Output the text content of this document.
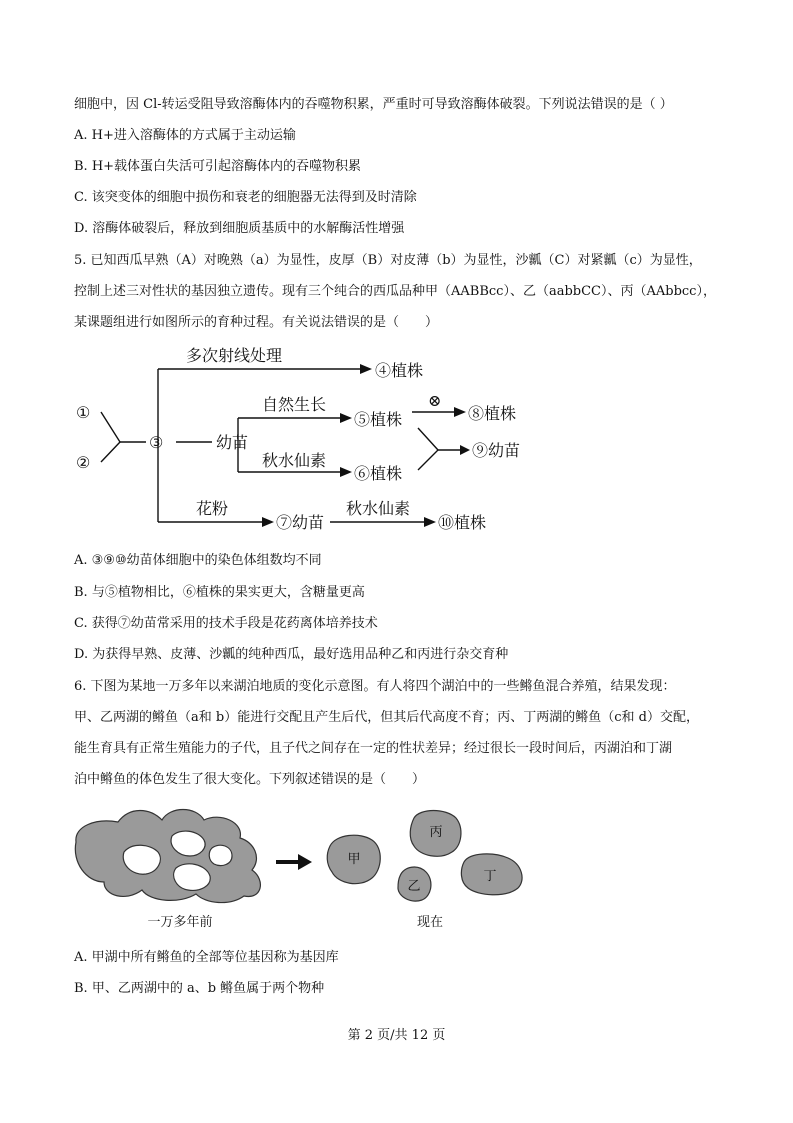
细胞中，因 Cl-转运受阻导致溶酶体内的吞噬物积累，严重时可导致溶酶体破裂。下列说法错误的是（ ）
A. H+进入溶酶体的方式属于主动运输
B. H+载体蛋白失活可引起溶酶体内的吞噬物积累
C. 该突变体的细胞中损伤和衰老的细胞器无法得到及时清除
D. 溶酶体破裂后，释放到细胞质基质中的水解酶活性增强
5. 已知西瓜早熟（A）对晚熟（a）为显性，皮厚（B）对皮薄（b）为显性，沙瓤（C）对紧瓤（c）为显性，
控制上述三对性状的基因独立遗传。现有三个纯合的西瓜品种甲（AABBcc）、乙（aabbCC）、丙（AAbbcc），
某课题组进行如图所示的育种过程。有关说法错误的是（　　）
①
②
③	幼苗
多次射线处理
④植株
自然生长
⑤植株
⊗
⑧植株
秋水仙素
⑥植株
⑨幼苗
花粉
⑦幼苗
秋水仙素
⑩植株
A. ③⑨⑩幼苗体细胞中的染色体组数均不同
B. 与⑤植物相比，⑥植株的果实更大，含糖量更高
C. 获得⑦幼苗常采用的技术手段是花药离体培养技术
D. 为获得早熟、皮薄、沙瓤的纯种西瓜，最好选用品种乙和丙进行杂交育种
6. 下图为某地一万多年以来湖泊地质的变化示意图。有人将四个湖泊中的一些鳉鱼混合养殖，结果发现：
甲、乙两湖的鳉鱼（a和 b）能进行交配且产生后代，但其后代高度不育；丙、丁两湖的鳉鱼（c和 d）交配，
能生育具有正常生殖能力的子代，且子代之间存在一定的性状差异；经过很长一段时间后，丙湖泊和丁湖
泊中鳉鱼的体色发生了很大变化。下列叙述错误的是（　　）
甲
丙
乙
丁
一万多年前	现在
A. 甲湖中所有鳉鱼的全部等位基因称为基因库
B. 甲、乙两湖中的 a、b 鳉鱼属于两个物种
第 2 页/共 12 页
